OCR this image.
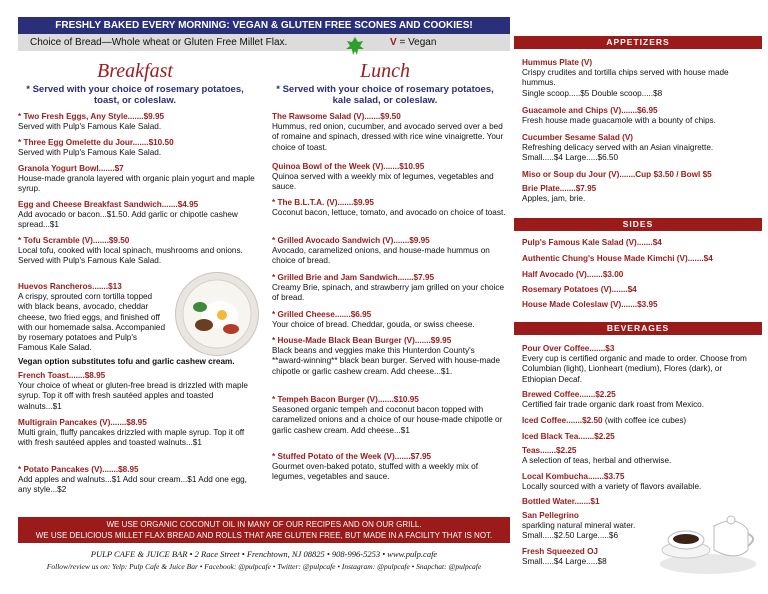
FRESHLY BAKED EVERY MORNING: VEGAN & GLUTEN FREE SCONES AND COOKIES!
Choice of Bread—Whole wheat or Gluten Free Millet Flax.	V = Vegan
Breakfast
* Served with your choice of rosemary potatoes, toast, or coleslaw.
* Two Fresh Eggs, Any Style.......$9.95
Served with Pulp's Famous Kale Salad.
* Three Egg Omelette du Jour.......$10.50
Served with Pulp's Famous Kale Salad.
Granola Yogurt Bowl.......$7
House-made granola layered with organic plain yogurt and maple syrup.
Egg and Cheese Breakfast Sandwich.......$4.95
Add avocado or bacon...$1.50. Add garlic or chipotle cashew spread...$1
* Tofu Scramble (V).......$9.50
Local tofu, cooked with local spinach, mushrooms and onions. Served with Pulp's Famous Kale Salad.
Huevos Rancheros.......$13
A crispy, sprouted corn tortilla topped with black beans, avocado, cheddar cheese, two fried eggs, and finished off with our homemade salsa. Accompanied by rosemary potatoes and Pulp's Famous Kale Salad.
Vegan option substitutes tofu and garlic cashew cream.
French Toast.......$8.95
Your choice of wheat or gluten-free bread is drizzled with maple syrup. Top it off with fresh sautéed apples and toasted walnuts...$1
Multigrain Pancakes (V).......$8.95
Multi grain, fluffy pancakes drizzled with maple syrup. Top it off with fresh sautéed apples and toasted walnuts...$1
* Potato Pancakes (V).......$8.95
Add apples and walnuts...$1 Add sour cream...$1 Add one egg, any style...$2
Lunch
* Served with your choice of rosemary potatoes, kale salad, or coleslaw.
The Rawsome Salad (V).......$9.50
Hummus, red onion, cucumber, and avocado served over a bed of romaine and spinach, dressed with rice wine vinaigrette. Your choice of toast.
Quinoa Bowl of the Week (V).......$10.95
Quinoa served with a weekly mix of legumes, vegetables and sauce.
* The B.L.T.A. (V).......$9.95
Coconut bacon, lettuce, tomato, and avocado on choice of toast.
* Grilled Avocado Sandwich (V).......$9.95
Avocado, caramelized onions, and house-made hummus on choice of bread.
* Grilled Brie and Jam Sandwich.......$7.95
Creamy Brie, spinach, and strawberry jam grilled on your choice of bread.
* Grilled Cheese.......$6.95
Your choice of bread. Cheddar, gouda, or swiss cheese.
* House-Made Black Bean Burger (V).......$9.95
Black beans and veggies make this Hunterdon County's **award-winning** black bean burger. Served with house-made chipotle or garlic cashew cream. Add cheese...$1.
* Tempeh Bacon Burger (V).......$10.95
Seasoned organic tempeh and coconut bacon topped with caramelized onions and a choice of our house-made chipotle or garlic cashew cream. Add cheese...$1
* Stuffed Potato of the Week (V).......$7.95
Gourmet oven-baked potato, stuffed with a weekly mix of legumes, vegetables and sauce.
APPETIZERS
Hummus Plate (V)
Crispy crudites and tortilla chips served with house made hummus.
Single scoop.....$5 Double scoop.....$8
Guacamole and Chips (V).......$6.95
Fresh house made guacamole with a bounty of chips.
Cucumber Sesame Salad (V)
Refreshing delicacy served with an Asian vinaigrette.
Small.....$4 Large.....$6.50
Miso or Soup du Jour (V).......Cup $3.50 / Bowl $5
Brie Plate.......$7.95
Apples, jam, brie.
SIDES
Pulp's Famous Kale Salad (V).......$4
Authentic Chung's House Made Kimchi (V).......$4
Half Avocado (V).......$3.00
Rosemary Potatoes (V).......$4
House Made Coleslaw (V).......$3.95
BEVERAGES
Pour Over Coffee.......$3
Every cup is certified organic and made to order. Choose from Columbian (light), Lionheart (medium), Flores (dark), or Ethiopian Decaf.
Brewed Coffee.......$2.25
Certified fair trade organic dark roast from Mexico.
Iced Coffee.......$2.50 (with coffee ice cubes)
Iced Black Tea.......$2.25
Teas.......$2.25
A selection of teas, herbal and otherwise.
Local Kombucha.......$3.75
Locally sourced with a variety of flavors available.
Bottled Water.......$1
San Pellegrino
sparkling natural mineral water.
Small.....$2.50 Large.....$6
Fresh Squeezed OJ
Small.....$4 Large.....$8
WE USE ORGANIC COCONUT OIL IN MANY OF OUR RECIPES AND ON OUR GRILL.
WE USE DELICIOUS MILLET FLAX BREAD AND ROLLS THAT ARE GLUTEN FREE, BUT MADE IN A FACILITY THAT IS NOT.
PULP CAFE & JUICE BAR • 2 Race Street • Frenchtown, NJ 08825 • 908-996-5253 • www.pulp.cafe
Follow/review us on: Yelp: Pulp Cafe & Juice Bar • Facebook: @pulpcafe • Twitter: @pulpcafe • Instagram: @pulpcafe • Snapchat: @pulpcafe
